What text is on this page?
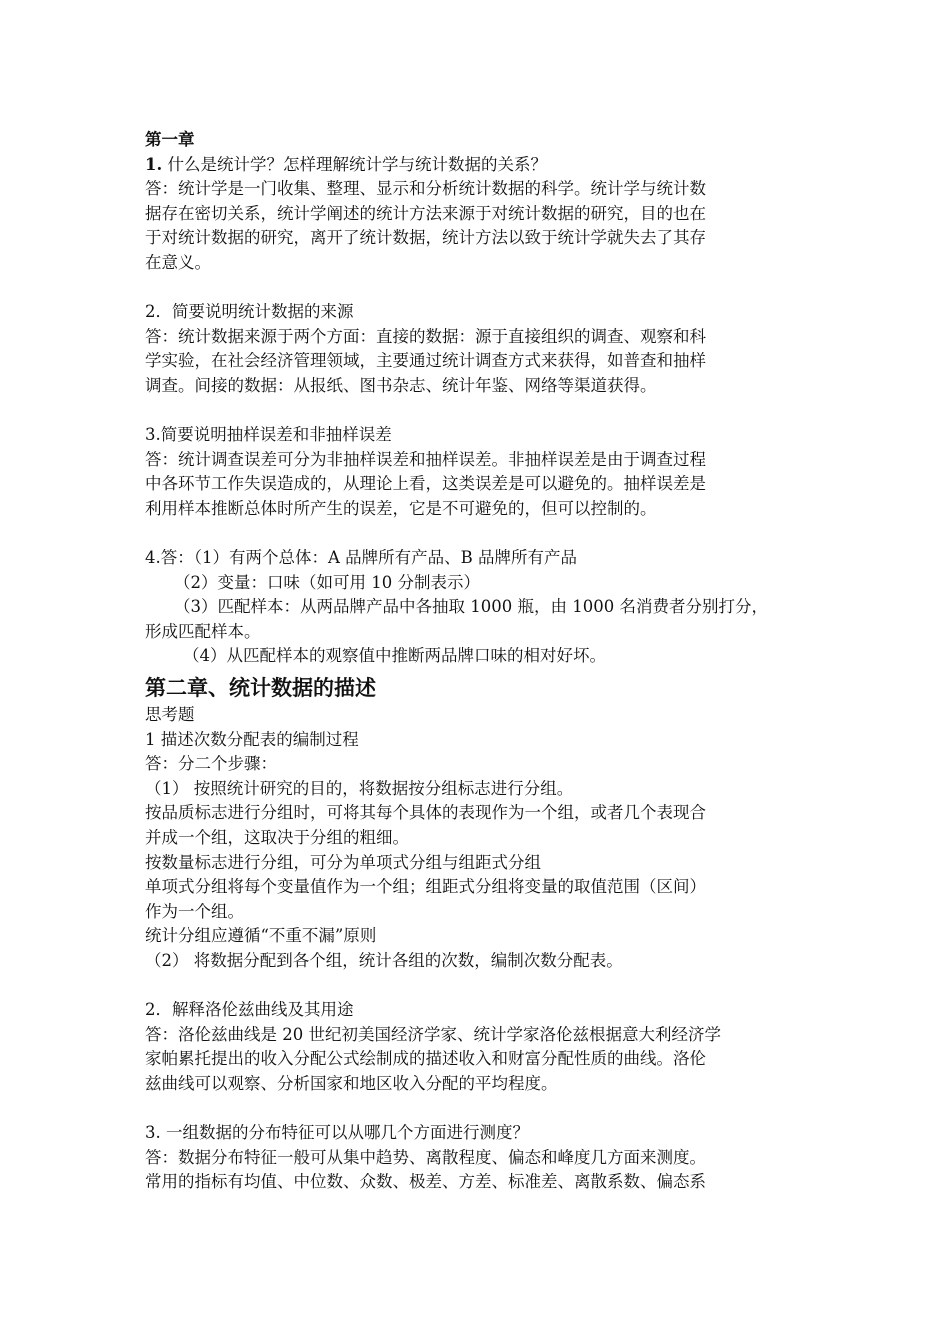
第一章
1. 什么是统计学？怎样理解统计学与统计数据的关系？
答：统计学是一门收集、整理、显示和分析统计数据的科学。统计学与统计数
据存在密切关系，统计学阐述的统计方法来源于对统计数据的研究，目的也在
于对统计数据的研究，离开了统计数据，统计方法以致于统计学就失去了其存
在意义。
2．简要说明统计数据的来源
答：统计数据来源于两个方面：直接的数据：源于直接组织的调查、观察和科
学实验，在社会经济管理领域，主要通过统计调查方式来获得，如普查和抽样
调查。间接的数据：从报纸、图书杂志、统计年鉴、网络等渠道获得。
3.简要说明抽样误差和非抽样误差
答：统计调查误差可分为非抽样误差和抽样误差。非抽样误差是由于调查过程
中各环节工作失误造成的，从理论上看，这类误差是可以避免的。抽样误差是
利用样本推断总体时所产生的误差，它是不可避免的，但可以控制的。
4.答：（1）有两个总体：A 品牌所有产品、B 品牌所有产品
（2）变量：口味（如可用 10 分制表示）
（3）匹配样本：从两品牌产品中各抽取 1000 瓶，由 1000 名消费者分别打分，
形成匹配样本。
（4）从匹配样本的观察值中推断两品牌口味的相对好坏。
第二章、统计数据的描述
思考题
1 描述次数分配表的编制过程
答：分二个步骤：
（1） 按照统计研究的目的，将数据按分组标志进行分组。
按品质标志进行分组时，可将其每个具体的表现作为一个组，或者几个表现合
并成一个组，这取决于分组的粗细。
按数量标志进行分组，可分为单项式分组与组距式分组
单项式分组将每个变量值作为一个组；组距式分组将变量的取值范围（区间）
作为一个组。
统计分组应遵循“不重不漏”原则
（2） 将数据分配到各个组，统计各组的次数，编制次数分配表。
2．解释洛伦兹曲线及其用途
答：洛伦兹曲线是 20 世纪初美国经济学家、统计学家洛伦兹根据意大利经济学
家帕累托提出的收入分配公式绘制成的描述收入和财富分配性质的曲线。洛伦
兹曲线可以观察、分析国家和地区收入分配的平均程度。
3. 一组数据的分布特征可以从哪几个方面进行测度？
答：数据分布特征一般可从集中趋势、离散程度、偏态和峰度几方面来测度。
常用的指标有均值、中位数、众数、极差、方差、标准差、离散系数、偏态系
